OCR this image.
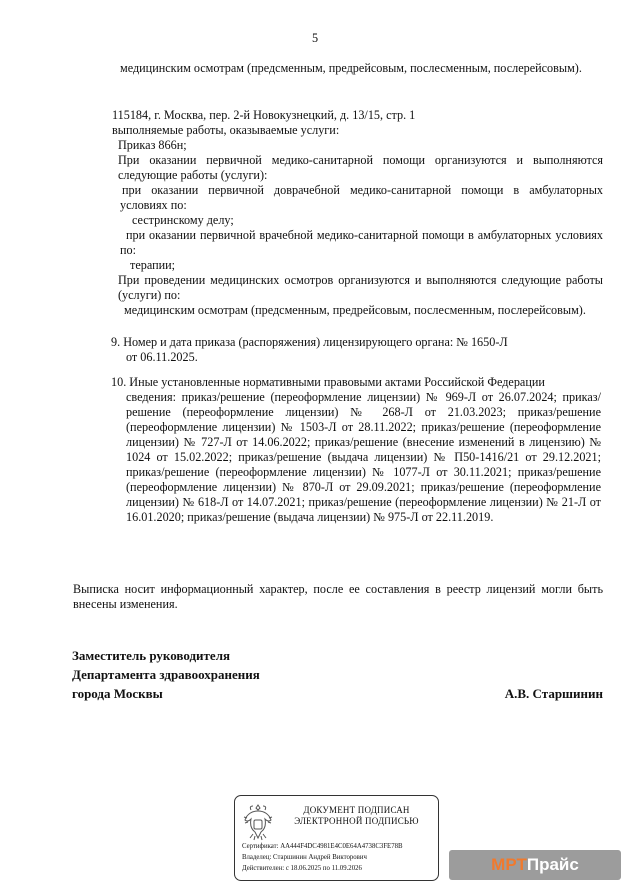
5
медицинским осмотрам (предсменным, предрейсовым, послесменным, послерейсовым).
115184, г. Москва, пер. 2-й Новокузнецкий, д. 13/15, стр. 1
выполняемые работы, оказываемые услуги:
Приказ 866н;
При оказании первичной медико-санитарной помощи организуются и выполняются следующие работы (услуги):
при оказании первичной доврачебной медико-санитарной помощи в амбулаторных условиях по:
сестринскому делу;
при оказании первичной врачебной медико-санитарной помощи в амбулаторных условиях по:
терапии;
При проведении медицинских осмотров организуются и выполняются следующие работы (услуги) по:
медицинским осмотрам (предсменным, предрейсовым, послесменным, послерейсовым).
9. Номер и дата приказа (распоряжения) лицензирующего органа: № 1650-Л
от 06.11.2025.
10. Иные установленные нормативными правовыми актами Российской Федерации
сведения: приказ/решение (переоформление лицензии) № 969-Л от 26.07.2024; приказ/решение (переоформление лицензии) № 268-Л от 21.03.2023; приказ/решение (переоформление лицензии) № 1503-Л от 28.11.2022; приказ/решение (переоформление лицензии) № 727-Л от 14.06.2022; приказ/решение (внесение изменений в лицензию) № 1024 от 15.02.2022; приказ/решение (выдача лицензии) № П50-1416/21 от 29.12.2021; приказ/решение (переоформление лицензии) № 1077-Л от 30.11.2021; приказ/решение (переоформление лицензии) № 870-Л от 29.09.2021; приказ/решение (переоформление лицензии) № 618-Л от 14.07.2021; приказ/решение (переоформление лицензии) № 21-Л от 16.01.2020; приказ/решение (выдача лицензии) № 975-Л от 22.11.2019.
Выписка носит информационный характер, после ее составления в реестр лицензий могли быть внесены изменения.
Заместитель руководителя
Департамента здравоохранения
города Москвы	А.В. Старшинин
ДОКУМЕНТ ПОДПИСАН
ЭЛЕКТРОННОЙ ПОДПИСЬЮ
Сертификат: АА444F4DC4981E4C0E64A4738C3FE78B
Владелец: Старшинин Андрей Викторович
Действителен: с 18.06.2025 по 11.09.2026	МРТПрайс
